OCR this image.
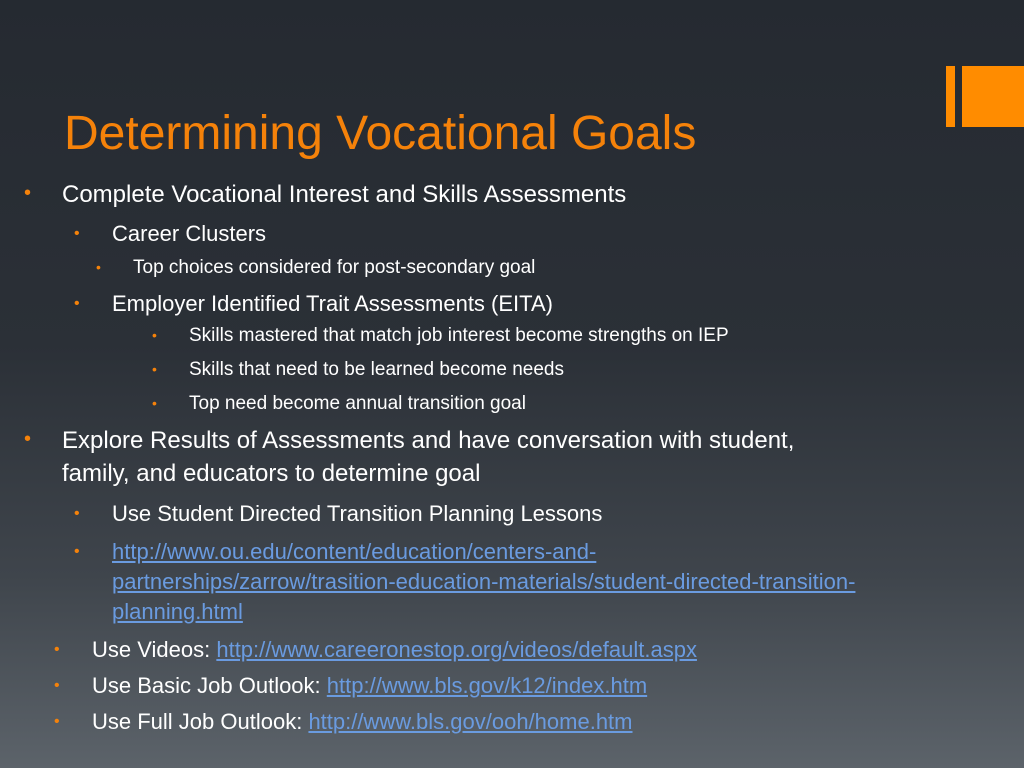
Determining Vocational Goals
• Complete Vocational Interest and Skills Assessments
• Career Clusters
• Top choices considered for post-secondary goal
• Employer Identified Trait Assessments (EITA)
• Skills mastered that match job interest become strengths on IEP
• Skills that need to be learned become needs
• Top need become annual transition goal
• Explore Results of Assessments and have conversation with student,
family, and educators to determine goal
• Use Student Directed Transition Planning Lessons
• http://www.ou.edu/content/education/centers-and-
partnerships/zarrow/trasition-education-materials/student-directed-transition-
planning.html
• Use Videos: http://www.careeronestop.org/videos/default.aspx
• Use Basic Job Outlook: http://www.bls.gov/k12/index.htm
• Use Full Job Outlook: http://www.bls.gov/ooh/home.htm
